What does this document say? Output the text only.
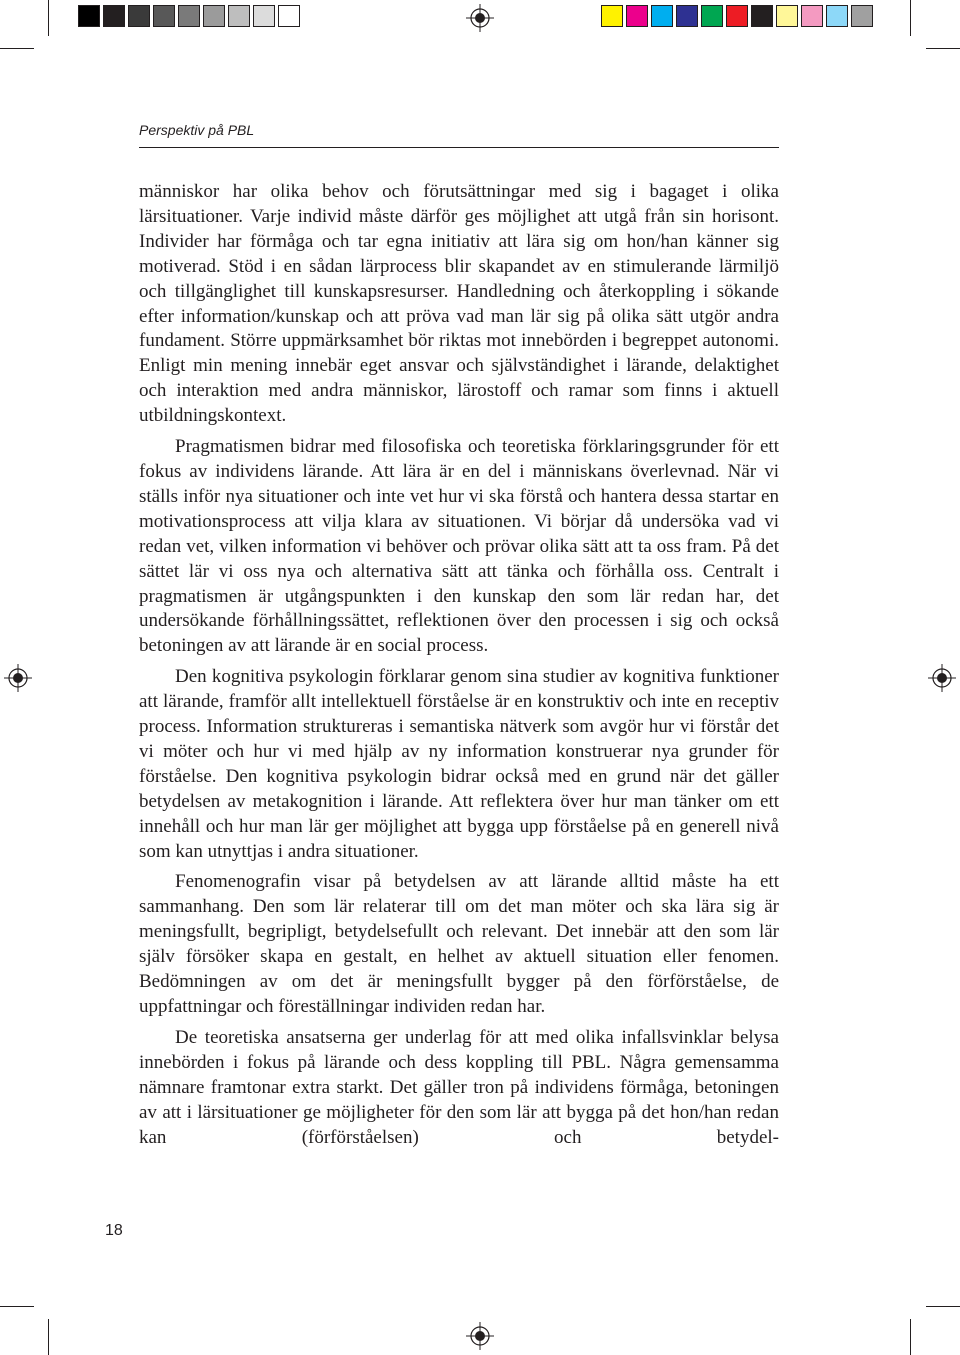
Perspektiv på PBL

människor har olika behov och förutsättningar med sig i bagaget i olika lärsituationer. Varje individ måste därför ges möjlighet att utgå från sin horisont. Individer har förmåga och tar egna initiativ att lära sig om hon/han känner sig motiverad. Stöd i en sådan lärprocess blir skapandet av en stimulerande lärmiljö och tillgänglighet till kunskapsresurser. Handledning och återkoppling i sökande efter information/kunskap och att pröva vad man lär sig på olika sätt utgör andra fundament. Större uppmärksamhet bör riktas mot innebörden i begreppet autonomi. Enligt min mening innebär eget ansvar och självständighet i lärande, delaktighet och interaktion med andra människor, lärostoff och ramar som finns i aktuell utbildningskontext.

Pragmatismen bidrar med filosofiska och teoretiska förklaringsgrunder för ett fokus av individens lärande. Att lära är en del i människans överlevnad. När vi ställs inför nya situationer och inte vet hur vi ska förstå och hantera dessa startar en motivationsprocess att vilja klara av situationen. Vi börjar då undersöka vad vi redan vet, vilken information vi behöver och prövar olika sätt att ta oss fram. På det sättet lär vi oss nya och alternativa sätt att tänka och förhålla oss. Centralt i pragmatismen är utgångspunkten i den kunskap den som lär redan har, det undersökande förhållningssättet, reflektionen över den processen i sig och också betoningen av att lärande är en social process.

Den kognitiva psykologin förklarar genom sina studier av kognitiva funktioner att lärande, framför allt intellektuell förståelse är en konstruktiv och inte en receptiv process. Information struktureras i semantiska nätverk som avgör hur vi förstår det vi möter och hur vi med hjälp av ny information konstruerar nya grunder för förståelse. Den kognitiva psykologin bidrar också med en grund när det gäller betydelsen av metakognition i lärande. Att reflektera över hur man tänker om ett innehåll och hur man lär ger möjlighet att bygga upp förståelse på en generell nivå som kan utnyttjas i andra situationer.

Fenomenografin visar på betydelsen av att lärande alltid måste ha ett sammanhang. Den som lär relaterar till om det man möter och ska lära sig är meningsfullt, begripligt, betydelsefullt och relevant. Det innebär att den som lär själv försöker skapa en gestalt, en helhet av aktuell situation eller fenomen. Bedömningen av om det är meningsfullt bygger på den förförståelse, de uppfattningar och föreställningar individen redan har.

De teoretiska ansatserna ger underlag för att med olika infallsvinklar belysa innebörden i fokus på lärande och dess koppling till PBL. Några gemensamma nämnare framtonar extra starkt. Det gäller tron på individens förmåga, betoningen av att i lärsituationer ge möjligheter för den som lär att bygga på det hon/han redan kan (förförståelsen) och betydel-

18
